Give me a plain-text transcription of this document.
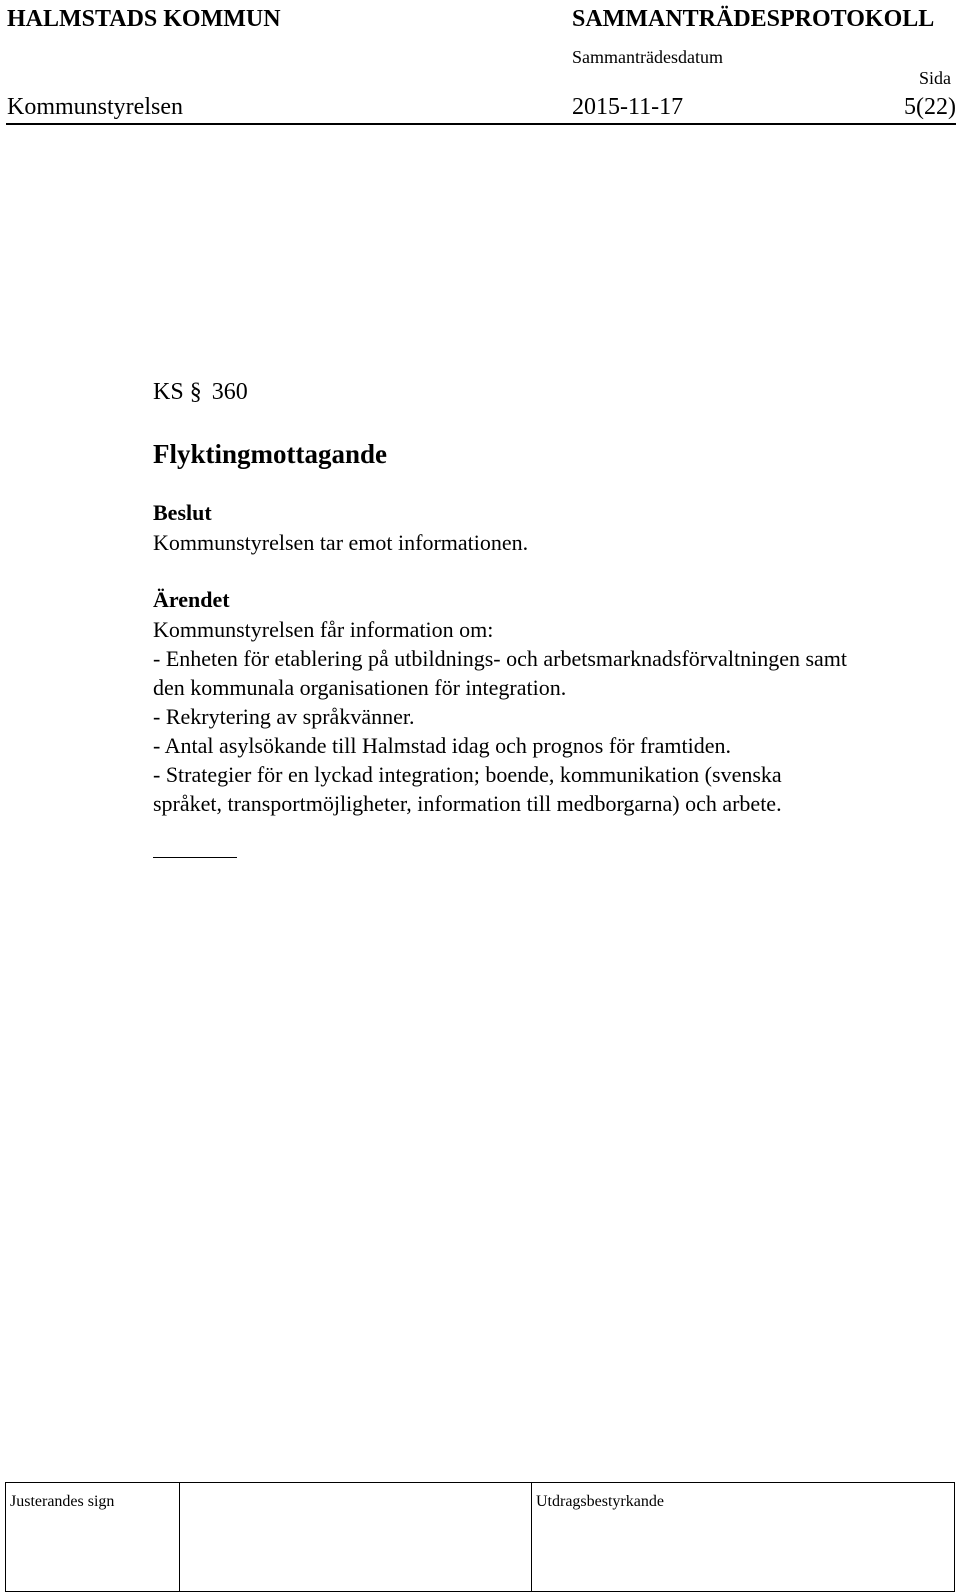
HALMSTADS KOMMUN	SAMMANTRÄDESPROTOKOLL
Sammanträdesdatum
Sida
Kommunstyrelsen	2015-11-17	5(22)
KS § 360
Flyktingmottagande
Beslut
Kommunstyrelsen tar emot informationen.
Ärendet
Kommunstyrelsen får information om:
- Enheten för etablering på utbildnings- och arbetsmarknadsförvaltningen samt
den kommunala organisationen för integration.
- Rekrytering av språkvänner.
- Antal asylsökande till Halmstad idag och prognos för framtiden.
- Strategier för en lyckad integration; boende, kommunikation (svenska
språket, transportmöjligheter, information till medborgarna) och arbete.
Justerandes sign	Utdragsbestyrkande
